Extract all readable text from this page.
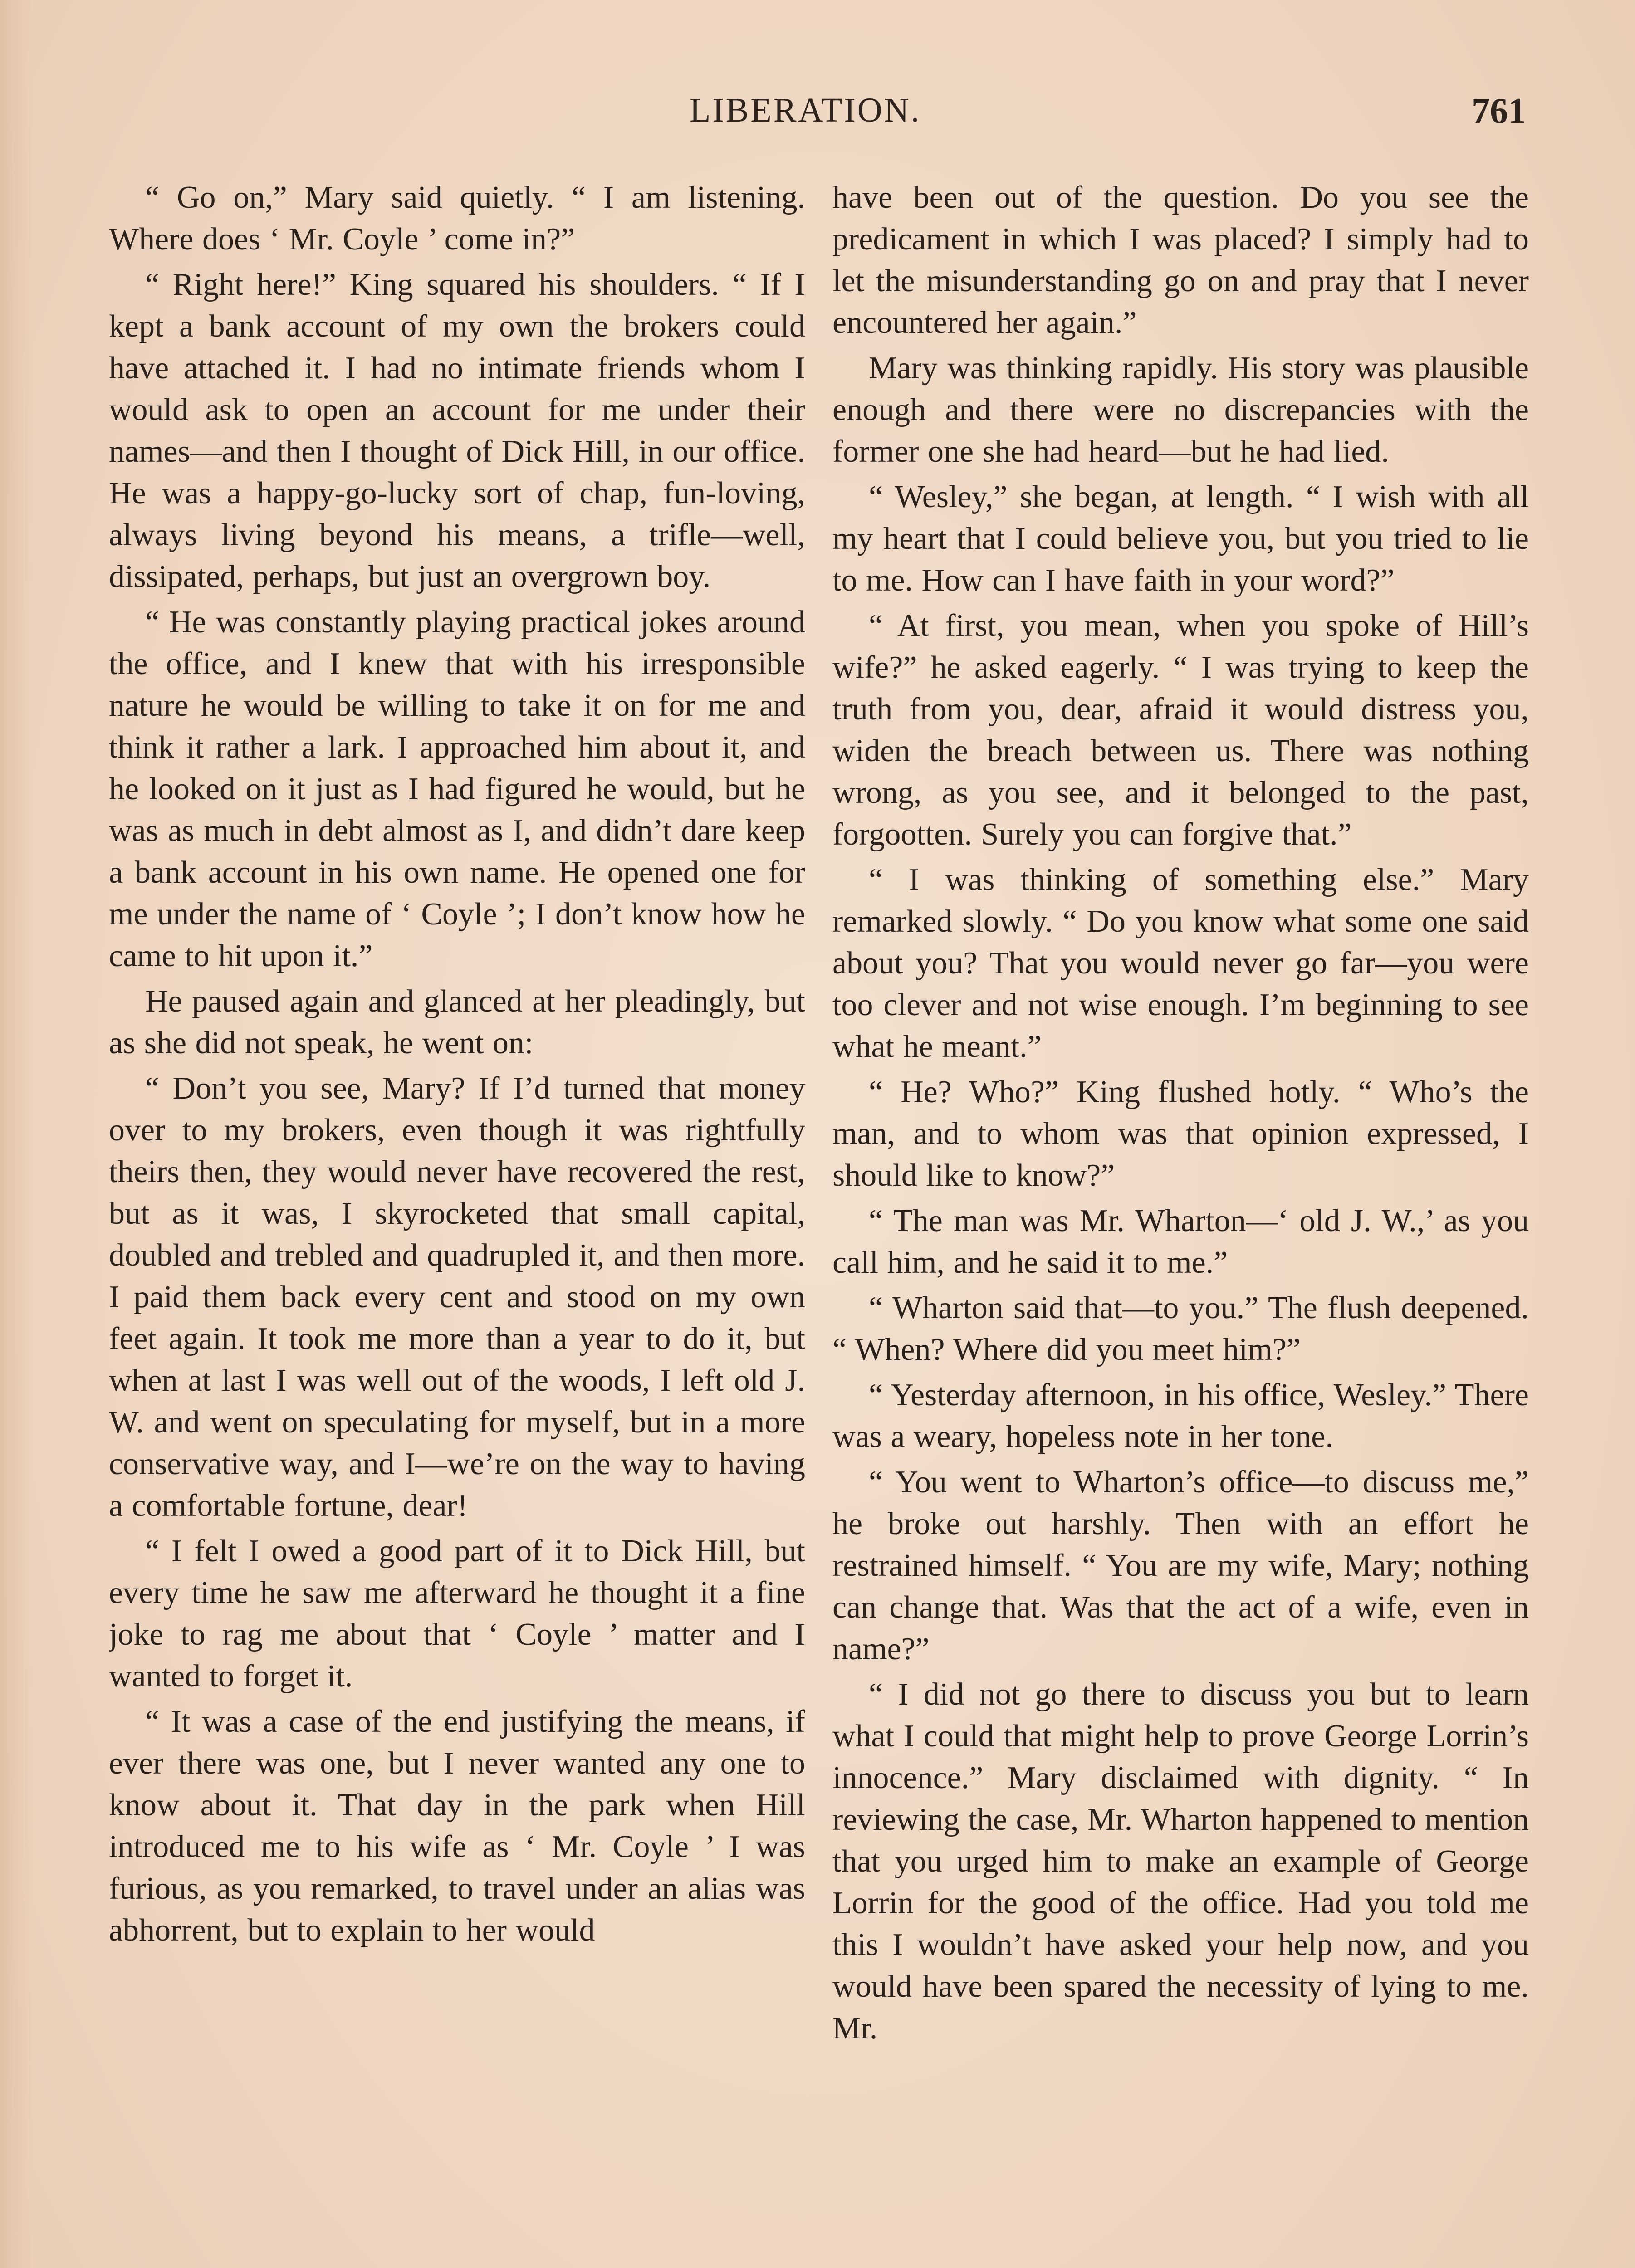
LIBERATION.	761

“ Go on,” Mary said quietly. “ I am listening. Where does ‘ Mr. Coyle ’ come in?”

“ Right here!” King squared his shoulders. “ If I kept a bank account of my own the brokers could have attached it. I had no intimate friends whom I would ask to open an account for me under their names—and then I thought of Dick Hill, in our office. He was a happy-go-lucky sort of chap, fun-loving, always living beyond his means, a trifle—well, dissipated, perhaps, but just an overgrown boy.

“ He was constantly playing practical jokes around the office, and I knew that with his irresponsible nature he would be willing to take it on for me and think it rather a lark. I approached him about it, and he looked on it just as I had figured he would, but he was as much in debt almost as I, and didn’t dare keep a bank account in his own name. He opened one for me under the name of ‘ Coyle ’; I don’t know how he came to hit upon it.”

He paused again and glanced at her pleadingly, but as she did not speak, he went on:

“ Don’t you see, Mary? If I’d turned that money over to my brokers, even though it was rightfully theirs then, they would never have recovered the rest, but as it was, I skyrocketed that small capital, doubled and trebled and quadrupled it, and then more. I paid them back every cent and stood on my own feet again. It took me more than a year to do it, but when at last I was well out of the woods, I left old J. W. and went on speculating for myself, but in a more conservative way, and I—we’re on the way to having a comfortable fortune, dear!

“ I felt I owed a good part of it to Dick Hill, but every time he saw me afterward he thought it a fine joke to rag me about that ‘ Coyle ’ matter and I wanted to forget it.

“ It was a case of the end justifying the means, if ever there was one, but I never wanted any one to know about it. That day in the park when Hill introduced me to his wife as ‘ Mr. Coyle ’ I was furious, as you remarked, to travel under an alias was abhorrent, but to explain to her would

have been out of the question. Do you see the predicament in which I was placed? I simply had to let the misunderstanding go on and pray that I never encountered her again.”

Mary was thinking rapidly. His story was plausible enough and there were no discrepancies with the former one she had heard—but he had lied.

“ Wesley,” she began, at length. “ I wish with all my heart that I could believe you, but you tried to lie to me. How can I have faith in your word?”

“ At first, you mean, when you spoke of Hill’s wife?” he asked eagerly. “ I was trying to keep the truth from you, dear, afraid it would distress you, widen the breach between us. There was nothing wrong, as you see, and it belonged to the past, forgootten. Surely you can forgive that.”

“ I was thinking of something else.” Mary remarked slowly. “ Do you know what some one said about you? That you would never go far—you were too clever and not wise enough. I’m beginning to see what he meant.”

“ He? Who?” King flushed hotly. “ Who’s the man, and to whom was that opinion expressed, I should like to know?”

“ The man was Mr. Wharton—‘ old J. W.,’ as you call him, and he said it to me.”

“ Wharton said that—to you.” The flush deepened. “ When? Where did you meet him?”

“ Yesterday afternoon, in his office, Wesley.” There was a weary, hopeless note in her tone.

“ You went to Wharton’s office—to discuss me,” he broke out harshly. Then with an effort he restrained himself. “ You are my wife, Mary; nothing can change that. Was that the act of a wife, even in name?”

“ I did not go there to discuss you but to learn what I could that might help to prove George Lorrin’s innocence.” Mary disclaimed with dignity. “ In reviewing the case, Mr. Wharton happened to mention that you urged him to make an example of George Lorrin for the good of the office. Had you told me this I wouldn’t have asked your help now, and you would have been spared the necessity of lying to me. Mr.
